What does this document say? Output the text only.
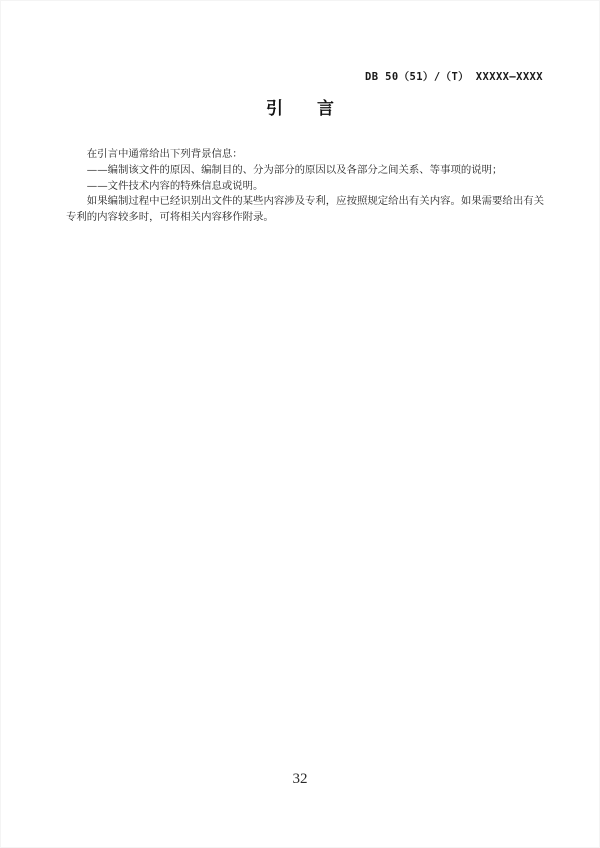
DB 50（51）/（T） XXXXX—XXXX
引　　言

在引言中通常给出下列背景信息：

——编制该文件的原因、编制目的、分为部分的原因以及各部分之间关系、等事项的说明；

——文件技术内容的特殊信息或说明。

如果编制过程中已经识别出文件的某些内容涉及专利，应按照规定给出有关内容。如果需要给出有关专利的内容较多时，可将相关内容移作附录。

32
